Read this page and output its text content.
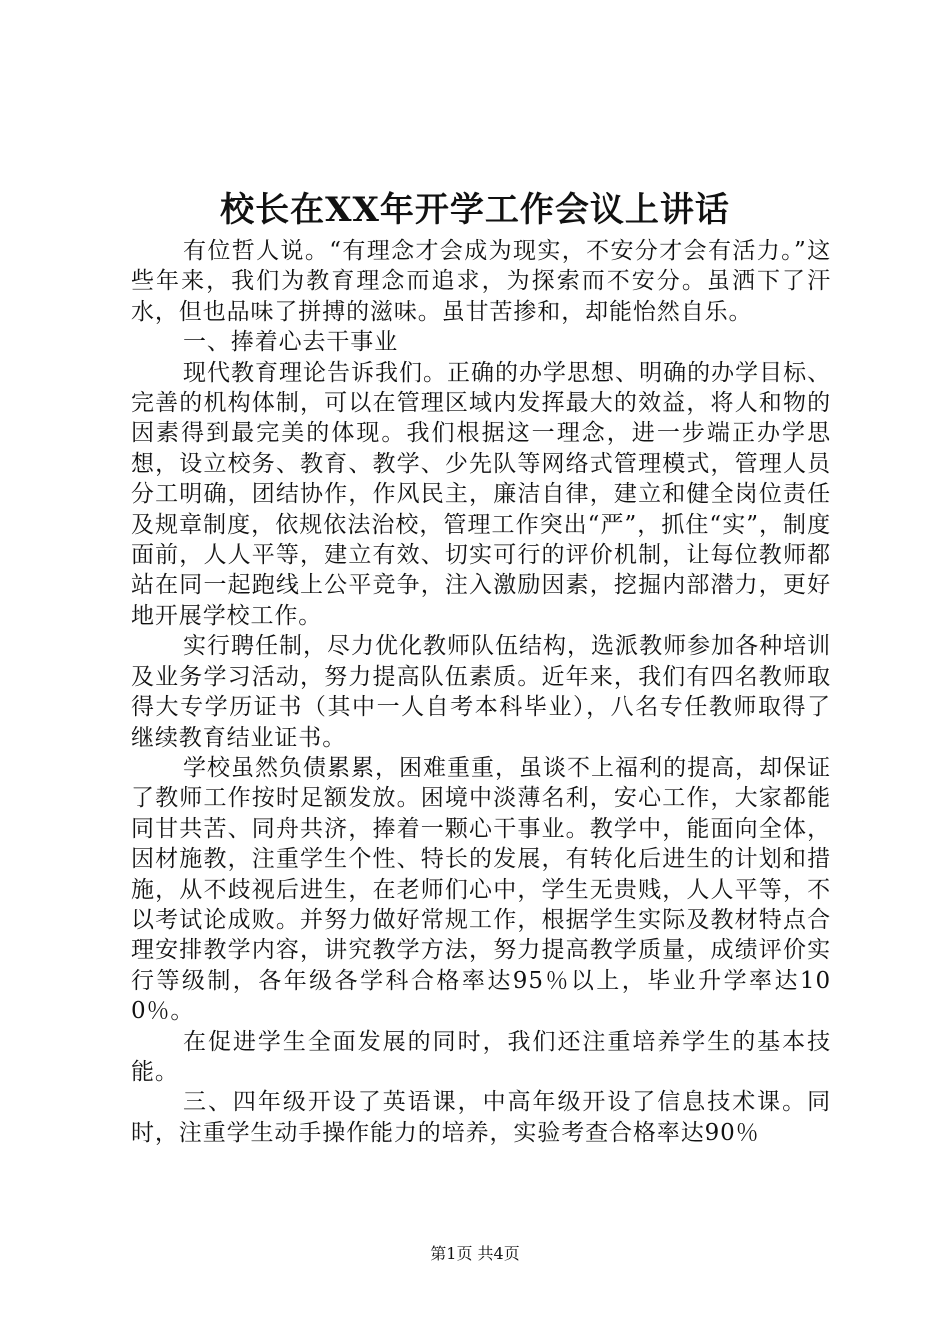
校长在XX年开学工作会议上讲话

有位哲人说。“有理念才会成为现实，不安分才会有活力。”这些年来，我们为教育理念而追求，为探索而不安分。虽洒下了汗水，但也品味了拼搏的滋味。虽甘苦掺和，却能怡然自乐。

一、捧着心去干事业

现代教育理论告诉我们。正确的办学思想、明确的办学目标、完善的机构体制，可以在管理区域内发挥最大的效益，将人和物的因素得到最完美的体现。我们根据这一理念，进一步端正办学思想，设立校务、教育、教学、少先队等网络式管理模式，管理人员分工明确，团结协作，作风民主，廉洁自律，建立和健全岗位责任及规章制度，依规依法治校，管理工作突出“严”，抓住“实”，制度面前，人人平等，建立有效、切实可行的评价机制，让每位教师都站在同一起跑线上公平竞争，注入激励因素，挖掘内部潜力，更好地开展学校工作。

实行聘任制，尽力优化教师队伍结构，选派教师参加各种培训及业务学习活动，努力提高队伍素质。近年来，我们有四名教师取得大专学历证书（其中一人自考本科毕业），八名专任教师取得了继续教育结业证书。

学校虽然负债累累，困难重重，虽谈不上福利的提高，却保证了教师工作按时足额发放。困境中淡薄名利，安心工作，大家都能同甘共苦、同舟共济，捧着一颗心干事业。教学中，能面向全体，因材施教，注重学生个性、特长的发展，有转化后进生的计划和措施，从不歧视后进生，在老师们心中，学生无贵贱，人人平等，不以考试论成败。并努力做好常规工作，根据学生实际及教材特点合理安排教学内容，讲究教学方法，努力提高教学质量，成绩评价实行等级制，各年级各学科合格率达95％以上，毕业升学率达100％。

在促进学生全面发展的同时，我们还注重培养学生的基本技能。

三、四年级开设了英语课，中高年级开设了信息技术课。同时，注重学生动手操作能力的培养，实验考查合格率达90％

第1页 共4页
